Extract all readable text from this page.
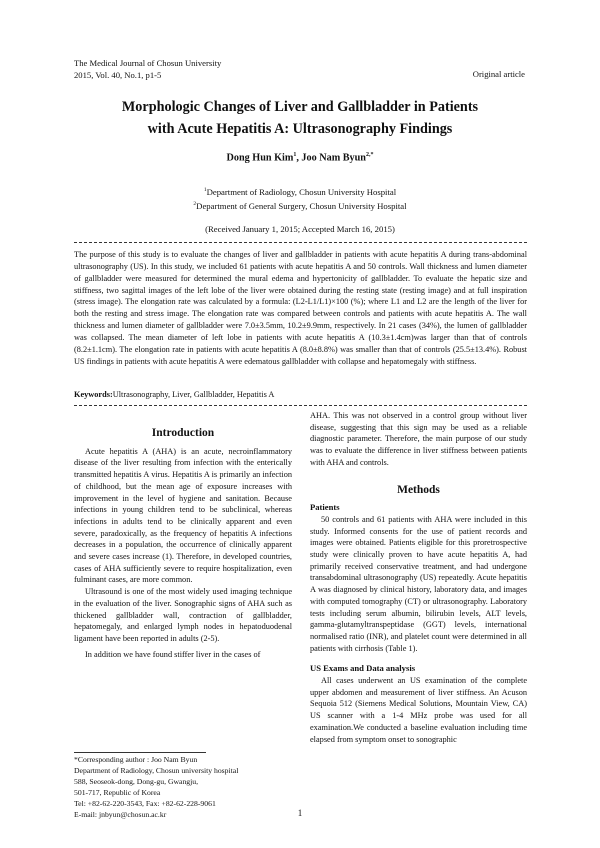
The Medical Journal of Chosun University
2015, Vol. 40, No.1, p1-5	Original article
Morphologic Changes of Liver and Gallbladder in Patients
with Acute Hepatitis A: Ultrasonography Findings
Dong Hun Kim$^1$, Joo Nam Byun$^{2,*}$
$^1$Department of Radiology, Chosun University Hospital
$^2$Department of General Surgery, Chosun University Hospital
(Received January 1, 2015; Accepted March 16, 2015)
The purpose of this study is to evaluate the changes of liver and gallbladder in patients with acute hepatitis A during trans-abdominal ultrasonography (US). In this study, we included 61 patients with acute hepatitis A and 50 controls. Wall thickness and lumen diameter of gallbladder were measured for determined the mural edema and hypertonicity of gallbladder. To evaluate the hepatic size and stiffness, two sagittal images of the left lobe of the liver were obtained during the resting state (resting image) and at full inspiration (stress image). The elongation rate was calculated by a formula: (L2-L1/L1)×100 (%); where L1 and L2 are the length of the liver for both the resting and stress image. The elongation rate was compared between controls and patients with acute hepatitis A. The wall thickness and lumen diameter of gallbladder were 7.0±3.5mm, 10.2±9.9mm, respectively. In 21 cases (34%), the lumen of gallbladder was collapsed. The mean diameter of left lobe in patients with acute hepatitis A (10.3±1.4cm)was larger than that of controls (8.2±1.1cm). The elongation rate in patients with acute hepatitis A (8.0±8.8%) was smaller than that of controls (25.5±13.4%). Robust US findings in patients with acute hepatitis A were edematous gallbladder with collapse and hepatomegaly with stiffness.
Keywords:Ultrasonography, Liver, Gallbladder, Hepatitis A
Introduction

Acute hepatitis A (AHA) is an acute, necroinflammatory disease of the liver resulting from infection with the enterically transmitted hepatitis A virus. Hepatitis A is primarily an infection of childhood, but the mean age of exposure increases with improvement in the level of hygiene and sanitation. Because infections in young children tend to be subclinical, whereas infections in adults tend to be clinically apparent and even severe, paradoxically, as the frequency of hepatitis A infections decreases in a population, the occurrence of clinically apparent and severe cases increase (1). Therefore, in developed countries, cases of AHA sufficiently severe to require hospitalization, even fulminant cases, are more common.

Ultrasound is one of the most widely used imaging technique in the evaluation of the liver. Sonographic signs of AHA such as thickened gallbladder wall, contraction of gallbladder, hepatomegaly, and enlarged lymph nodes in hepatoduodenal ligament have been reported in adults (2-5).

In addition we have found stiffer liver in the cases of

*Corresponding author : Joo Nam Byun
Department of Radiology, Chosun university hospital
588, Seoseok-dong, Dong-gu, Gwangju,
501-717, Republic of Korea
Tel: +82-62-220-3543, Fax: +82-62-228-9061
E-mail: jnbyun@chosun.ac.kr

AHA. This was not observed in a control group without liver disease, suggesting that this sign may be used as a reliable diagnostic parameter. Therefore, the main purpose of our study was to evaluate the difference in liver stiffness between patients with AHA and controls.

Methods
Patients

50 controls and 61 patients with AHA were included in this study. Informed consents for the use of patient records and images were obtained. Patients eligible for this proretrospective study were clinically proven to have acute hepatitis A, had primarily received conservative treatment, and had undergone transabdominal ultrasonography (US) repeatedly. Acute hepatitis A was diagnosed by clinical history, laboratory data, and images with computed tomography (CT) or ultrasonography. Laboratory tests including serum albumin, bilirubin levels, ALT levels, gamma-glutamyltranspeptidase (GGT) levels, international normalised ratio (INR), and platelet count were determined in all patients with cirrhosis (Table 1).

US Exams and Data analysis

All cases underwent an US examination of the complete upper abdomen and measurement of liver stiffness. An Acuson Sequoia 512 (Siemens Medical Solutions, Mountain View, CA) US scanner with a 1-4 MHz probe was used for all examination.We conducted a baseline evaluation including time elapsed from symptom onset to sonographic

1
